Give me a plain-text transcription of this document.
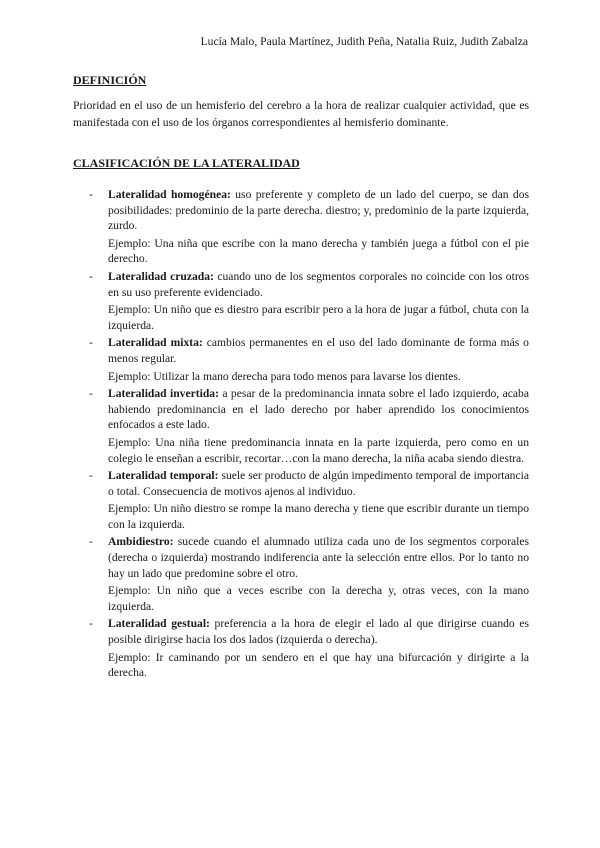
Lucía Malo, Paula Martínez, Judith Peña, Natalia Ruiz, Judith Zabalza
DEFINICIÓN
Prioridad en el uso de un hemisferio del cerebro a la hora de realizar cualquier actividad, que es manifestada con el uso de los órganos correspondientes al hemisferio dominante.
CLASIFICACIÓN DE LA LATERALIDAD
- Lateralidad homogénea: uso preferente y completo de un lado del cuerpo, se dan dos posibilidades: predominio de la parte derecha. diestro; y, predominio de la parte izquierda, zurdo.

Ejemplo: Una niña que escribe con la mano derecha y también juega a fútbol con el pie derecho.

- Lateralidad cruzada: cuando uno de los segmentos corporales no coincide con los otros en su uso preferente evidenciado.

Ejemplo: Un niño que es diestro para escribir pero a la hora de jugar a fútbol, chuta con la izquierda.

- Lateralidad mixta: cambios permanentes en el uso del lado dominante de forma más o menos regular.

Ejemplo: Utilizar la mano derecha para todo menos para lavarse los dientes.

- Lateralidad invertida: a pesar de la predominancia innata sobre el lado izquierdo, acaba habiendo predominancia en el lado derecho por haber aprendido los conocimientos enfocados a este lado.

Ejemplo: Una niña tiene predominancia innata en la parte izquierda, pero como en un colegio le enseñan a escribir, recortar…con la mano derecha, la niña acaba siendo diestra.

- Lateralidad temporal: suele ser producto de algún impedimento temporal de importancia o total. Consecuencia de motivos ajenos al individuo.

Ejemplo: Un niño diestro se rompe la mano derecha y tiene que escribir durante un tiempo con la izquierda.

- Ambidiestro: sucede cuando el alumnado utiliza cada uno de los segmentos corporales (derecha o izquierda) mostrando indiferencia ante la selección entre ellos. Por lo tanto no hay un lado que predomine sobre el otro.

Ejemplo: Un niño que a veces escribe con la derecha y, otras veces, con la mano izquierda.

- Lateralidad gestual: preferencia a la hora de elegir el lado al que dirigirse cuando es posible dirigirse hacia los dos lados (izquierda o derecha).

Ejemplo: Ir caminando por un sendero en el que hay una bifurcación y dirigirte a la derecha.
